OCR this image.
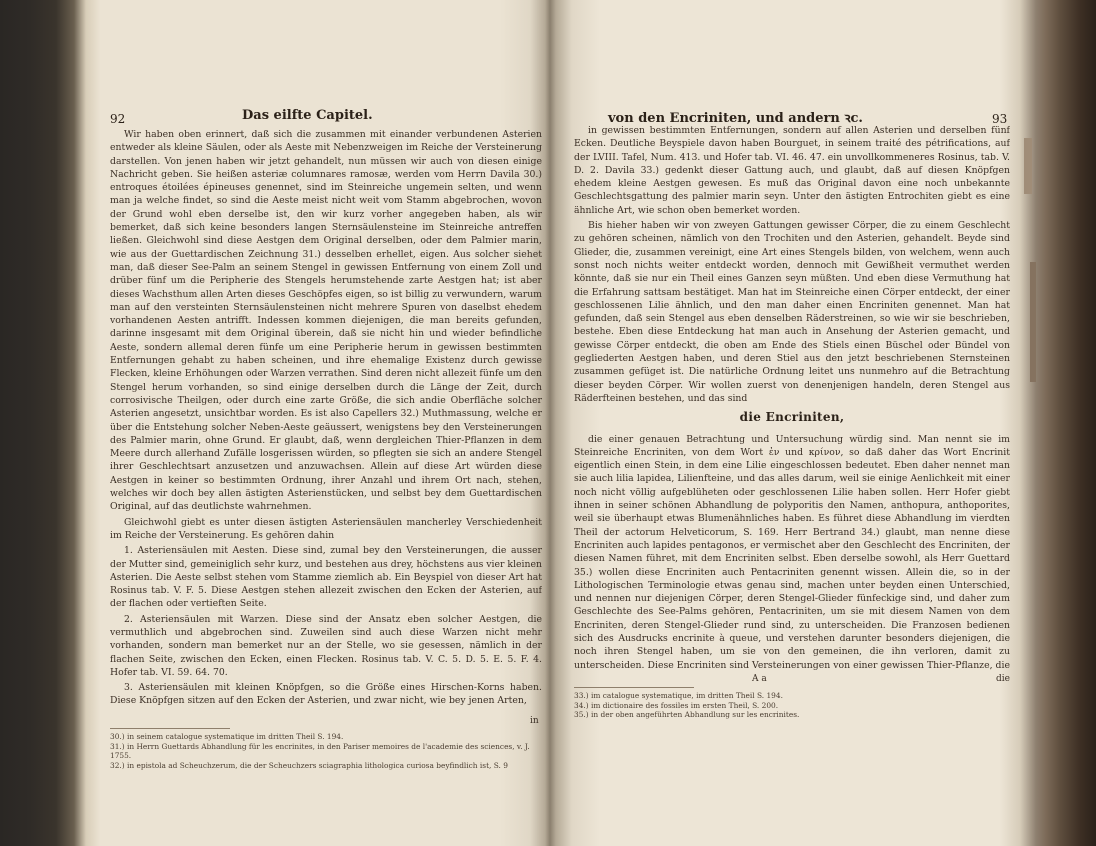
92	Das eilfte Capitel.

Wir haben oben erinnert, daß sich die zusammen mit einander verbundenen Asterien entweder als kleine Säulen, oder als Aeste mit Nebenzweigen im Reiche der Versteinerung darstellen. Von jenen haben wir jetzt gehandelt, nun müssen wir auch von diesen einige Nachricht geben. Sie heißen asteriæ columnares ramosæ, werden vom Herrn Davila 30.) entroques étoilées épineuses genennet, sind im Steinreiche ungemein selten, und wenn man ja welche findet, so sind die Aeste meist nicht weit vom Stamm abgebrochen, wovon der Grund wohl eben derselbe ist, den wir kurz vorher angegeben haben, als wir bemerket, daß sich keine besonders langen Sternsäulensteine im Steinreiche antreffen ließen. Gleichwohl sind diese Aestgen dem Original derselben, oder dem Palmier marin, wie aus der Guettardischen Zeichnung 31.) desselben erhellet, eigen. Aus solcher siehet man, daß dieser See-Palm an seinem Stengel in gewissen Entfernung von einem Zoll und drüber fünf um die Peripherie des Stengels herumstehende zarte Aestgen hat; ist aber dieses Wachsthum allen Arten dieses Geschöpfes eigen, so ist billig zu verwundern, warum man auf den versteinten Sternsäulensteinen nicht mehrere Spuren von daselbst ehedem vorhandenen Aesten antrifft. Indessen kommen diejenigen, die man bereits gefunden, darinne insgesamt mit dem Original überein, daß sie nicht hin und wieder befindliche Aeste, sondern allemal deren fünfe um eine Peripherie herum in gewissen bestimmten Entfernungen gehabt zu haben scheinen, und ihre ehemalige Existenz durch gewisse Flecken, kleine Erhöhungen oder Warzen verrathen. Sind deren nicht allezeit fünfe um den Stengel herum vorhanden, so sind einige derselben durch die Länge der Zeit, durch corrosivische Theilgen, oder durch eine zarte Größe, die sich andie Oberfläche solcher Asterien angesetzt, unsichtbar worden. Es ist also Capellers 32.) Muthmassung, welche er über die Entstehung solcher Neben-Aeste geäussert, wenigstens bey den Versteinerungen des Palmier marin, ohne Grund. Er glaubt, daß, wenn dergleichen Thier-Pflanzen in dem Meere durch allerhand Zufälle losgerissen würden, so pflegten sie sich an andere Stengel ihrer Geschlechtsart anzusetzen und anzuwachsen. Allein auf diese Art würden diese Aestgen in keiner so bestimmten Ordnung, ihrer Anzahl und ihrem Ort nach, stehen, welches wir doch bey allen ästigten Asterienstücken, und selbst bey dem Guettardischen Original, auf das deutlichste wahrnehmen.

Gleichwohl giebt es unter diesen ästigten Asteriensäulen mancherley Verschiedenheit im Reiche der Versteinerung. Es gehören dahin

1. Asteriensäulen mit Aesten. Diese sind, zumal bey den Versteinerungen, die ausser der Mutter sind, gemeiniglich sehr kurz, und bestehen aus drey, höchstens aus vier kleinen Asterien. Die Aeste selbst stehen vom Stamme ziemlich ab. Ein Beyspiel von dieser Art hat Rosinus tab. V. F. 5. Diese Aestgen stehen allezeit zwischen den Ecken der Asterien, auf der flachen oder vertieften Seite.

2. Asteriensäulen mit Warzen. Diese sind der Ansatz eben solcher Aestgen, die vermuthlich und abgebrochen sind. Zuweilen sind auch diese Warzen nicht mehr vorhanden, sondern man bemerket nur an der Stelle, wo sie gesessen, nämlich in der flachen Seite, zwischen den Ecken, einen Flecken. Rosinus tab. V. C. 5. D. 5. E. 5. F. 4. Hofer tab. VI. 59. 64. 70.

3. Asteriensäulen mit kleinen Knöpfgen, so die Größe eines Hirschen-Korns haben. Diese Knöpfgen sitzen auf den Ecken der Asterien, und zwar nicht, wie bey jenen Arten,

in

30.) in seinem catalogue systematique im dritten Theil S. 194.

31.) in Herrn Guettards Abhandlung für les encrinites, in den Pariser memoires de l'academie des sciences, v. J. 1755.

32.) in epistola ad Scheuchzerum, die der Scheuchzers sciagraphia lithologica curiosa beyfindlich ist, S. 9

von den Encriniten, und andern ꝛc.	93

in gewissen bestimmten Entfernungen, sondern auf allen Asterien und derselben fünf Ecken. Deutliche Beyspiele davon haben Bourguet, in seinem traité des pétrifications, auf der LVIII. Tafel, Num. 413. und Hofer tab. VI. 46. 47. ein unvollkommeneres Rosinus, tab. V. D. 2. Davila 33.) gedenkt dieser Gattung auch, und glaubt, daß auf diesen Knöpfgen ehedem kleine Aestgen gewesen. Es muß das Original davon eine noch unbekannte Geschlechtsgattung des palmier marin seyn. Unter den ästigten Entrochiten giebt es eine ähnliche Art, wie schon oben bemerket worden.

Bis hieher haben wir von zweyen Gattungen gewisser Cörper, die zu einem Geschlecht zu gehören scheinen, nämlich von den Trochiten und den Asterien, gehandelt. Beyde sind Glieder, die, zusammen vereinigt, eine Art eines Stengels bilden, von welchem, wenn auch sonst noch nichts weiter entdeckt worden, dennoch mit Gewißheit vermuthet werden könnte, daß sie nur ein Theil eines Ganzen seyn müßten. Und eben diese Vermuthung hat die Erfahrung sattsam bestätiget. Man hat im Steinreiche einen Cörper entdeckt, der einer geschlossenen Lilie ähnlich, und den man daher einen Encriniten genennet. Man hat gefunden, daß sein Stengel aus eben denselben Räderstreinen, so wie wir sie beschrieben, bestehe. Eben diese Entdeckung hat man auch in Ansehung der Asterien gemacht, und gewisse Cörper entdeckt, die oben am Ende des Stiels einen Büschel oder Bündel von gegliederten Aestgen haben, und deren Stiel aus den jetzt beschriebenen Sternsteinen zusammen gefüget ist. Die natürliche Ordnung leitet uns nunmehro auf die Betrachtung dieser beyden Cörper. Wir wollen zuerst von denenjenigen handeln, deren Stengel aus Räderfteinen bestehen, und das sind

die Encriniten,

die einer genauen Betrachtung und Untersuchung würdig sind. Man nennt sie im Steinreiche Encriniten, von dem Wort ἐν und κρίνον, so daß daher das Wort Encrinit eigentlich einen Stein, in dem eine Lilie eingeschlossen bedeutet. Eben daher nennet man sie auch lilia lapidea, Lilienfteine, und das alles darum, weil sie einige Aenlichkeit mit einer noch nicht völlig aufgeblüheten oder geschlossenen Lilie haben sollen. Herr Hofer giebt ihnen in seiner schönen Abhandlung de polyporitis den Namen, anthopura, anthoporites, weil sie überhaupt etwas Blumenähnliches haben. Es führet diese Abhandlung im vierdten Theil der actorum Helveticorum, S. 169. Herr Bertrand 34.) glaubt, man nenne diese Encriniten auch lapides pentagonos, er vermischet aber den Geschlecht des Encriniten, der diesen Namen führet, mit dem Encriniten selbst. Eben derselbe sowohl, als Herr Guettard 35.) wollen diese Encriniten auch Pentacriniten genennt wissen. Allein die, so in der Lithologischen Terminologie etwas genau sind, machen unter beyden einen Unterschied, und nennen nur diejenigen Cörper, deren Stengel-Glieder fünfeckige sind, und daher zum Geschlechte des See-Palms gehören, Pentacriniten, um sie mit diesem Namen von dem Encriniten, deren Stengel-Glieder rund sind, zu unterscheiden. Die Franzosen bedienen sich des Ausdrucks encrinite à queue, und verstehen darunter besonders diejenigen, die noch ihren Stengel haben, um sie von den gemeinen, die ihn verloren, damit zu unterscheiden. Diese Encriniten sind Versteinerungen von einer gewissen Thier-Pflanze, die

A a	die

33.) im catalogue systematique, im dritten Theil S. 194.

34.) im dictionaire des fossiles im ersten Theil, S. 200.

35.) in der oben angeführten Abhandlung sur les encrinites.
